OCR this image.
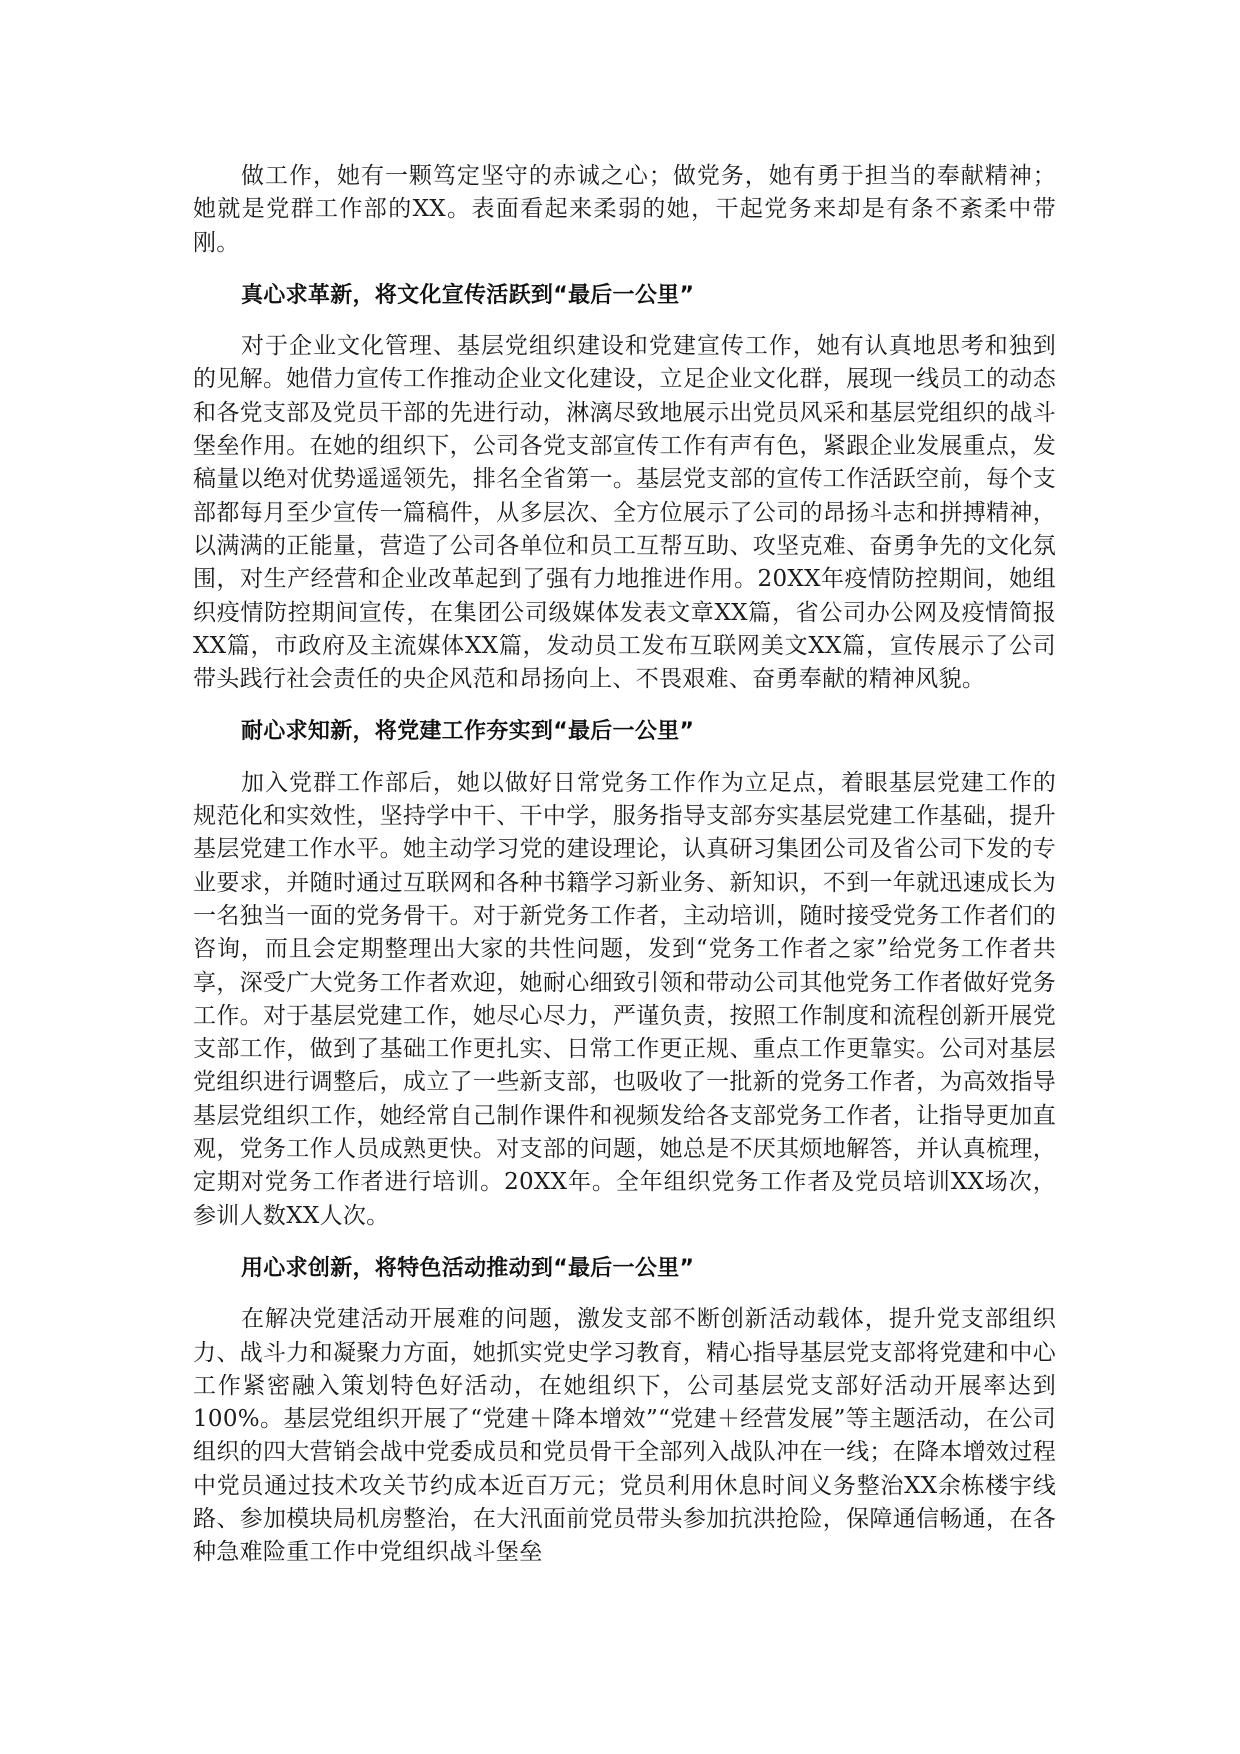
做工作，她有一颗笃定坚守的赤诚之心；做党务，她有勇于担当的奉献精神；她就是党群工作部的XX。表面看起来柔弱的她，干起党务来却是有条不紊柔中带刚。

真心求革新，将文化宣传活跃到“最后一公里”

对于企业文化管理、基层党组织建设和党建宣传工作，她有认真地思考和独到的见解。她借力宣传工作推动企业文化建设，立足企业文化群，展现一线员工的动态和各党支部及党员干部的先进行动，淋漓尽致地展示出党员风采和基层党组织的战斗堡垒作用。在她的组织下，公司各党支部宣传工作有声有色，紧跟企业发展重点，发稿量以绝对优势遥遥领先，排名全省第一。基层党支部的宣传工作活跃空前，每个支部都每月至少宣传一篇稿件，从多层次、全方位展示了公司的昂扬斗志和拼搏精神，以满满的正能量，营造了公司各单位和员工互帮互助、攻坚克难、奋勇争先的文化氛围，对生产经营和企业改革起到了强有力地推进作用。20XX年疫情防控期间，她组织疫情防控期间宣传，在集团公司级媒体发表文章XX篇，省公司办公网及疫情简报XX篇，市政府及主流媒体XX篇，发动员工发布互联网美文XX篇，宣传展示了公司带头践行社会责任的央企风范和昂扬向上、不畏艰难、奋勇奉献的精神风貌。

耐心求知新，将党建工作夯实到“最后一公里”

加入党群工作部后，她以做好日常党务工作作为立足点，着眼基层党建工作的规范化和实效性，坚持学中干、干中学，服务指导支部夯实基层党建工作基础，提升基层党建工作水平。她主动学习党的建设理论，认真研习集团公司及省公司下发的专业要求，并随时通过互联网和各种书籍学习新业务、新知识，不到一年就迅速成长为一名独当一面的党务骨干。对于新党务工作者，主动培训，随时接受党务工作者们的咨询，而且会定期整理出大家的共性问题，发到“党务工作者之家”给党务工作者共享，深受广大党务工作者欢迎，她耐心细致引领和带动公司其他党务工作者做好党务工作。对于基层党建工作，她尽心尽力，严谨负责，按照工作制度和流程创新开展党支部工作，做到了基础工作更扎实、日常工作更正规、重点工作更靠实。公司对基层党组织进行调整后，成立了一些新支部，也吸收了一批新的党务工作者，为高效指导基层党组织工作，她经常自己制作课件和视频发给各支部党务工作者，让指导更加直观，党务工作人员成熟更快。对支部的问题，她总是不厌其烦地解答，并认真梳理，定期对党务工作者进行培训。20XX年。全年组织党务工作者及党员培训XX场次，参训人数XX人次。

用心求创新，将特色活动推动到“最后一公里”

在解决党建活动开展难的问题，激发支部不断创新活动载体，提升党支部组织力、战斗力和凝聚力方面，她抓实党史学习教育，精心指导基层党支部将党建和中心工作紧密融入策划特色好活动，在她组织下，公司基层党支部好活动开展率达到100%。基层党组织开展了“党建＋降本增效”“党建＋经营发展”等主题活动，在公司组织的四大营销会战中党委成员和党员骨干全部列入战队冲在一线；在降本增效过程中党员通过技术攻关节约成本近百万元；党员利用休息时间义务整治XX余栋楼宇线路、参加模块局机房整治，在大汛面前党员带头参加抗洪抢险，保障通信畅通，在各种急难险重工作中党组织战斗堡垒
